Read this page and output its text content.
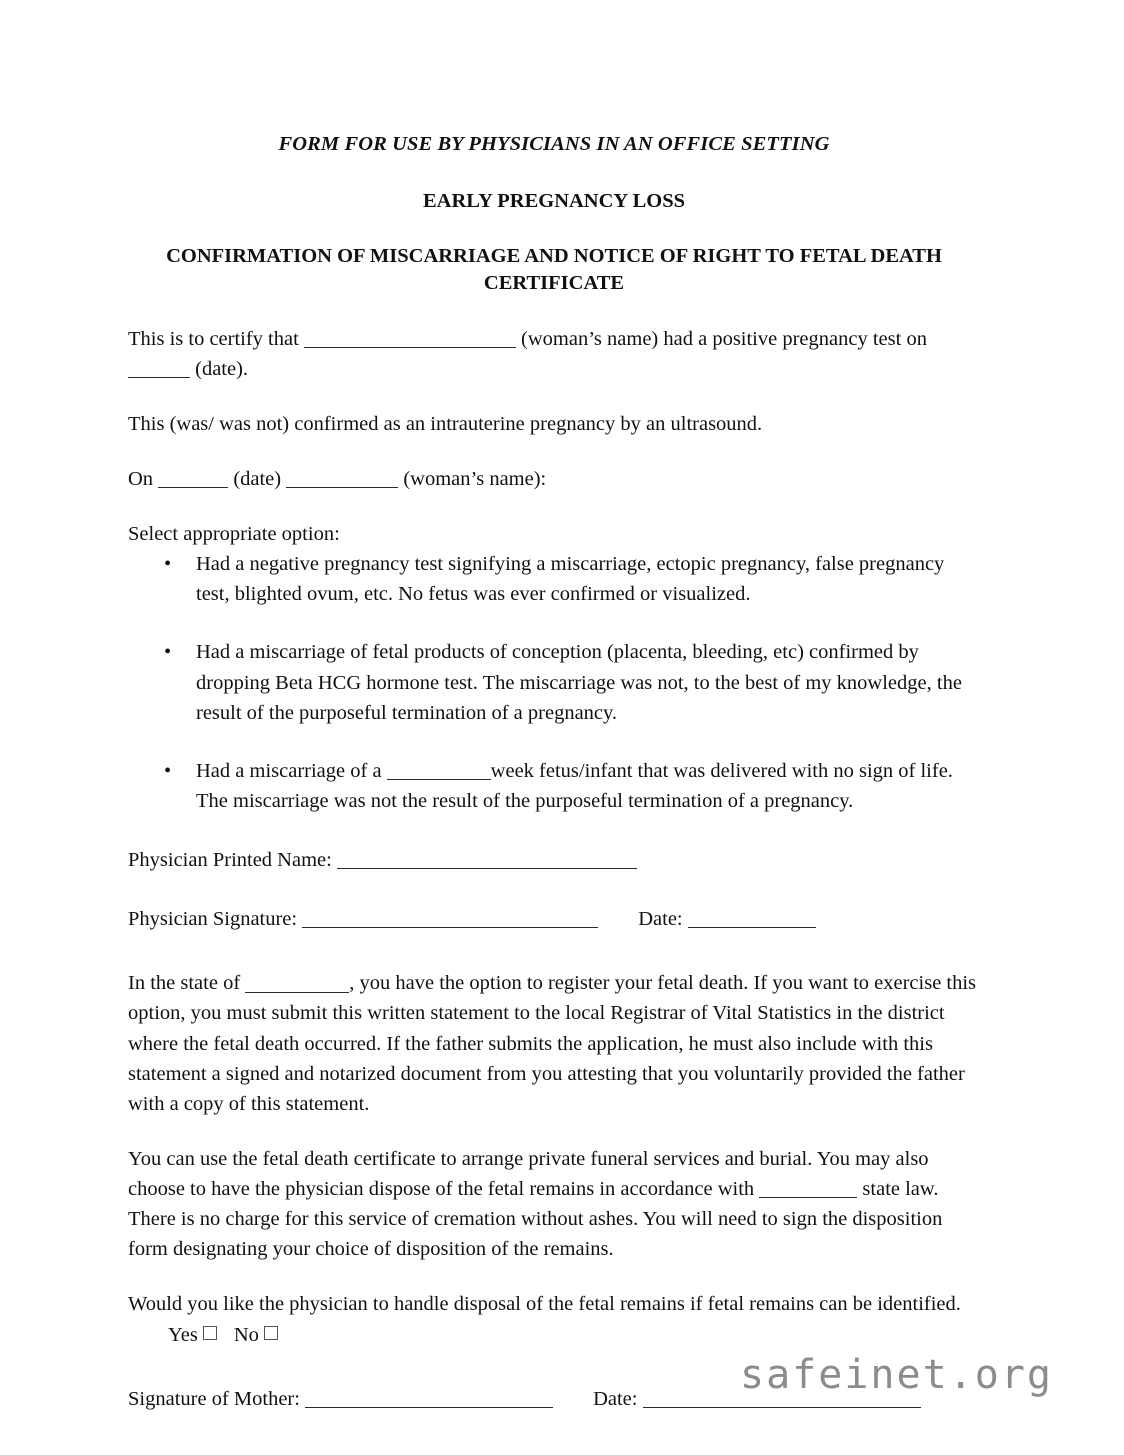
FORM FOR USE BY PHYSICIANS IN AN OFFICE SETTING

EARLY PREGNANCY LOSS

CONFIRMATION OF MISCARRIAGE AND NOTICE OF RIGHT TO FETAL DEATH CERTIFICATE

This is to certify that	(woman’s name) had a positive pregnancy test on  (date).

This (was/ was not) confirmed as an intrauterine pregnancy by an ultrasound.

On	(date)	(woman’s name):

Select appropriate option:

• Had a negative pregnancy test signifying a miscarriage, ectopic pregnancy, false pregnancy test, blighted ovum, etc. No fetus was ever confirmed or visualized.
• Had a miscarriage of fetal products of conception (placenta, bleeding, etc) confirmed by dropping Beta HCG hormone test. The miscarriage was not, to the best of my knowledge, the result of the purposeful termination of a pregnancy.
• Had a miscarriage of a	week fetus/infant that was delivered with no sign of life. The miscarriage was not the result of the purposeful termination of a pregnancy.

Physician Printed Name:

Physician Signature:	Date:

In the state of	, you have the option to register your fetal death. If you want to exercise this option, you must submit this written statement to the local Registrar of Vital Statistics in the district where the fetal death occurred. If the father submits the application, he must also include with this statement a signed and notarized document from you attesting that you voluntarily provided the father with a copy of this statement.

You can use the fetal death certificate to arrange private funeral services and burial. You may also choose to have the physician dispose of the fetal remains in accordance with	state law. There is no charge for this service of cremation without ashes. You will need to sign the disposition form designating your choice of disposition of the remains.

Would you like the physician to handle disposal of the fetal remains if fetal remains can be identified.Yes No

Signature of Mother:	Date:

safeinet.org
